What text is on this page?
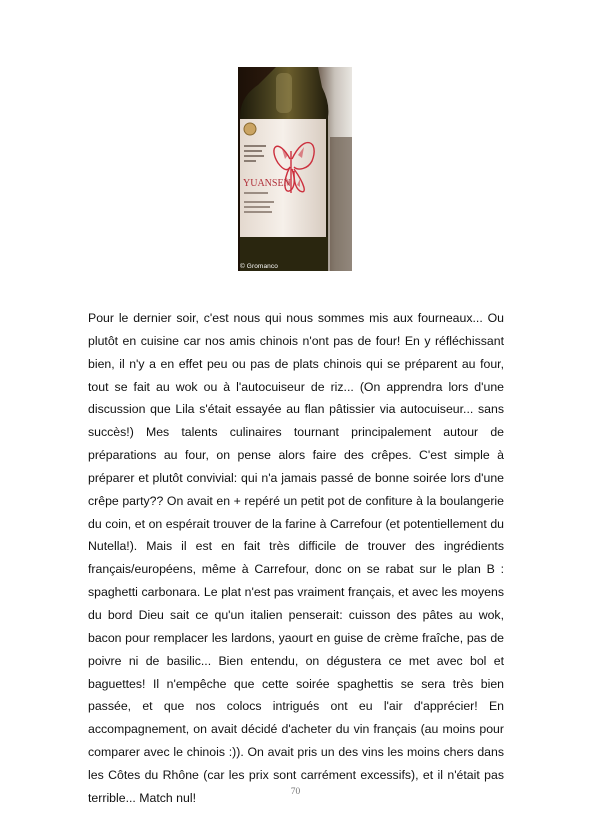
YUANSEN
© Gromanco

Pour le dernier soir, c'est nous qui nous sommes mis aux fourneaux... Ou plutôt en cuisine car nos amis chinois n'ont pas de four! En y réfléchissant bien, il n'y a en effet peu ou pas de plats chinois qui se préparent au four, tout se fait au wok ou à l'autocuiseur de riz... (On apprendra lors d'une discussion que Lila s'était essayée au flan pâtissier via autocuiseur... sans succès!) Mes talents culinaires tournant principalement autour de préparations au four, on pense alors faire des crêpes. C'est simple à préparer et plutôt convivial: qui n'a jamais passé de bonne soirée lors d'une crêpe party?? On avait en + repéré un petit pot de confiture à la boulangerie du coin, et on espérait trouver de la farine à Carrefour (et potentiellement du Nutella!). Mais il est en fait très difficile de trouver des ingrédients français/européens, même à Carrefour, donc on se rabat sur le plan B : spaghetti carbonara. Le plat n'est pas vraiment français, et avec les moyens du bord Dieu sait ce qu'un italien penserait: cuisson des pâtes au wok, bacon pour remplacer les lardons, yaourt en guise de crème fraîche, pas de poivre ni de basilic... Bien entendu, on dégustera ce met avec bol et baguettes! Il n'empêche que cette soirée spaghettis se sera très bien passée, et que nos colocs intrigués ont eu l'air d'apprécier! En accompagnement, on avait décidé d'acheter du vin français (au moins pour comparer avec le chinois :)). On avait pris un des vins les moins chers dans les Côtes du Rhône (car les prix sont carrément excessifs), et il n'était pas terrible... Match nul!	70
